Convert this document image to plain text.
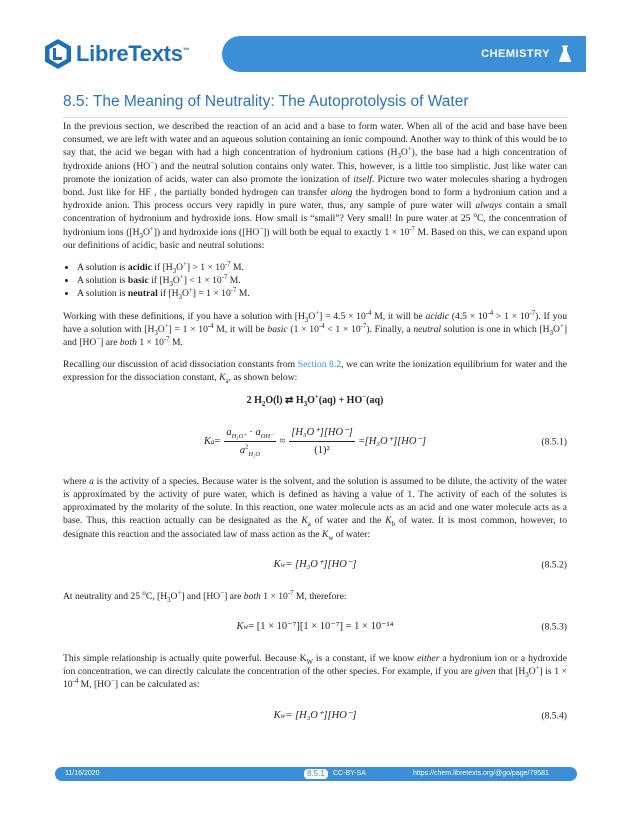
LibreTexts™	CHEMISTRY
8.5: The Meaning of Neutrality: The Autoprotolysis of Water

In the previous section, we described the reaction of an acid and a base to form water. When all of the acid and base have been consumed, we are left with water and an aqueous solution containing an ionic compound. Another way to think of this would be to say that, the acid we began with had a high concentration of hydronium cations $(H_3O^+)$, the base had a high concentration of hydroxide anions (HO−) and the neutral solution contains only water. This, however, is a little too simplistic. Just like water can promote the ionization of acids, water can also promote the ionization of itself. Picture two water molecules sharing a hydrogen bond. Just like for HF , the partially bonded hydrogen can transfer along the hydrogen bond to form a hydronium cation and a hydroxide anion. This process occurs very rapidly in pure water, thus, any sample of pure water will always contain a small concentration of hydronium and hydroxide ions. How small is “small”? Very small! In pure water at 25 $^o$C, the concentration of hydronium ions $([H_3O^+])$ and hydroxide ions ([HO−]) will both be equal to exactly $1 \times 10^{-7}$ M. Based on this, we can expand upon our definitions of acidic, basic and neutral solutions:

• A solution is acidic if $[H_3O^+] > 1 \times 10^{-7}$ M.
• A solution is basic if $[H_3O^+] < 1 \times 10^{-7}$ M.
• A solution is neutral if $[H_3O^+] = 1 \times 10^{-7}$ M.

Working with these definitions, if you have a solution with $[H_3O^+] = 4.5 \times 10^{-4}$ M, it will be acidic $(4.5 \times 10^{-4} > 1 \times 10^{-7})$. If you have a solution with $[H_3O^+] = 1 \times 10^{-4}$ M, it will be basic $(1 \times 10^{-4} < 1 \times 10^{-7})$. Finally, a neutral solution is one in which $[H_3O^+]$ and [HO−] are both $1 \times 10^{-7}$ M.

Recalling our discussion of acid dissociation constants from Section 8.2, we can write the ionization equilibrium for water and the expression for the dissociation constant, $K_a$, as shown below:

2 $H_2O(l)$ ⇄ $H_3O^+(aq) + HO^-(aq)$
K $a = \frac{a_{H_3O^+} \cdot a_{OH^-}}{a^2_{H_2O}} \approx \frac{\text{[H₃O⁺][HO⁻]}}{\text{(1)²}} = [H_3O^+][HO^-]$	(8.5.1)

where a is the activity of a species. Because water is the solvent, and the solution is assumed to be dilute, the activity of the water is approximated by the activity of pure water, which is defined as having a value of 1. The activity of each of the solutes is approximated by the molarity of the solute. In this reaction, one water molecule acts as an acid and one water molecule acts as a base. Thus, this reaction actually can be designated as the $K_a$ of water and the $K_b$ of water. It is most common, however, to designate this reaction and the associated law of mass action as the $K_w$ of water:

K w = [H₃O⁺][HO⁻]	(8.5.2)

At neutrality and 25 $^o$C, $[H_3O^+]$ and [HO−] are both $1 \times 10^{-7}$ M, therefore:

K w = [1 × 10⁻⁷][1 × 10⁻⁷] = 1 × 10⁻¹⁴	(8.5.3)

This simple relationship is actually quite powerful. Because $K_W$ is a constant, if we know either a hydronium ion or a hydroxide ion concentration, we can directly calculate the concentration of the other species. For example, if you are given that $[H_3O^+]$ is $1 \times 10^{-4}$ M, [HO−] can be calculated as:

K w = [H₃O⁺][HO⁻]	(8.5.4)
11/16/2020	8.5.1	CC-BY-SA	https://chem.libretexts.org/@go/page/79581
